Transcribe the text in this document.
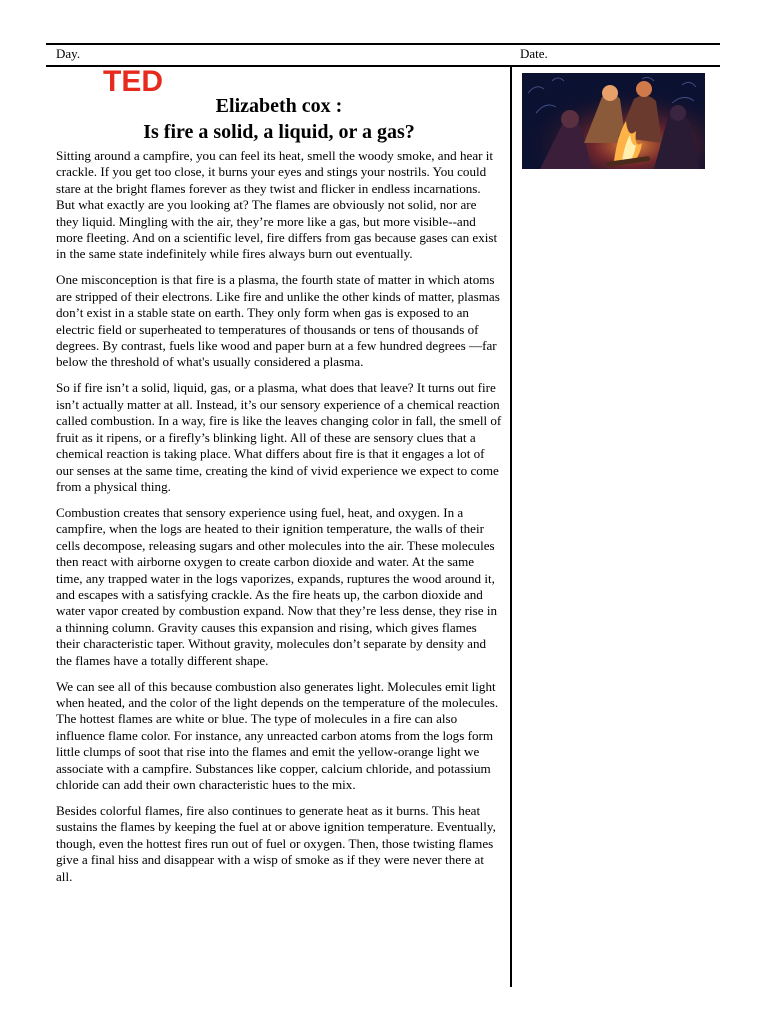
Day.	Date.
TED
Elizabeth cox :
Is fire a solid, a liquid, or a gas?

Sitting around a campfire, you can feel its heat, smell the woody smoke, and hear it crackle. If you get too close, it burns your eyes and stings your nostrils. You could stare at the bright flames forever as they twist and flicker in endless incarnations. But what exactly are you looking at? The flames are obviously not solid, nor are they liquid. Mingling with the air, they’re more like a gas, but more visible--and more fleeting. And on a scientific level, fire differs from gas because gases can exist in the same state indefinitely while fires always burn out eventually.

One misconception is that fire is a plasma, the fourth state of matter in which atoms are stripped of their electrons. Like fire and unlike the other kinds of matter, plasmas don’t exist in a stable state on earth. They only form when gas is exposed to an electric field or superheated to temperatures of thousands or tens of thousands of degrees. By contrast, fuels like wood and paper burn at a few hundred degrees —far below the threshold of what's usually considered a plasma.

So if fire isn’t a solid, liquid, gas, or a plasma, what does that leave? It turns out fire isn’t actually matter at all. Instead, it’s our sensory experience of a chemical reaction called combustion. In a way, fire is like the leaves changing color in fall, the smell of fruit as it ripens, or a firefly’s blinking light. All of these are sensory clues that a chemical reaction is taking place. What differs about fire is that it engages a lot of our senses at the same time, creating the kind of vivid experience we expect to come from a physical thing.

Combustion creates that sensory experience using fuel, heat, and oxygen. In a campfire, when the logs are heated to their ignition temperature, the walls of their cells decompose, releasing sugars and other molecules into the air. These molecules then react with airborne oxygen to create carbon dioxide and water. At the same time, any trapped water in the logs vaporizes, expands, ruptures the wood around it, and escapes with a satisfying crackle. As the fire heats up, the carbon dioxide and water vapor created by combustion expand. Now that they’re less dense, they rise in a thinning column. Gravity causes this expansion and rising, which gives flames their characteristic taper. Without gravity, molecules don’t separate by density and the flames have a totally different shape.

We can see all of this because combustion also generates light. Molecules emit light when heated, and the color of the light depends on the temperature of the molecules. The hottest flames are white or blue. The type of molecules in a fire can also influence flame color. For instance, any unreacted carbon atoms from the logs form little clumps of soot that rise into the flames and emit the yellow-orange light we associate with a campfire. Substances like copper, calcium chloride, and potassium chloride can add their own characteristic hues to the mix.

Besides colorful flames, fire also continues to generate heat as it burns. This heat sustains the flames by keeping the fuel at or above ignition temperature. Eventually, though, even the hottest fires run out of fuel or oxygen. Then, those twisting flames give a final hiss and disappear with a wisp of smoke as if they were never there at all.
